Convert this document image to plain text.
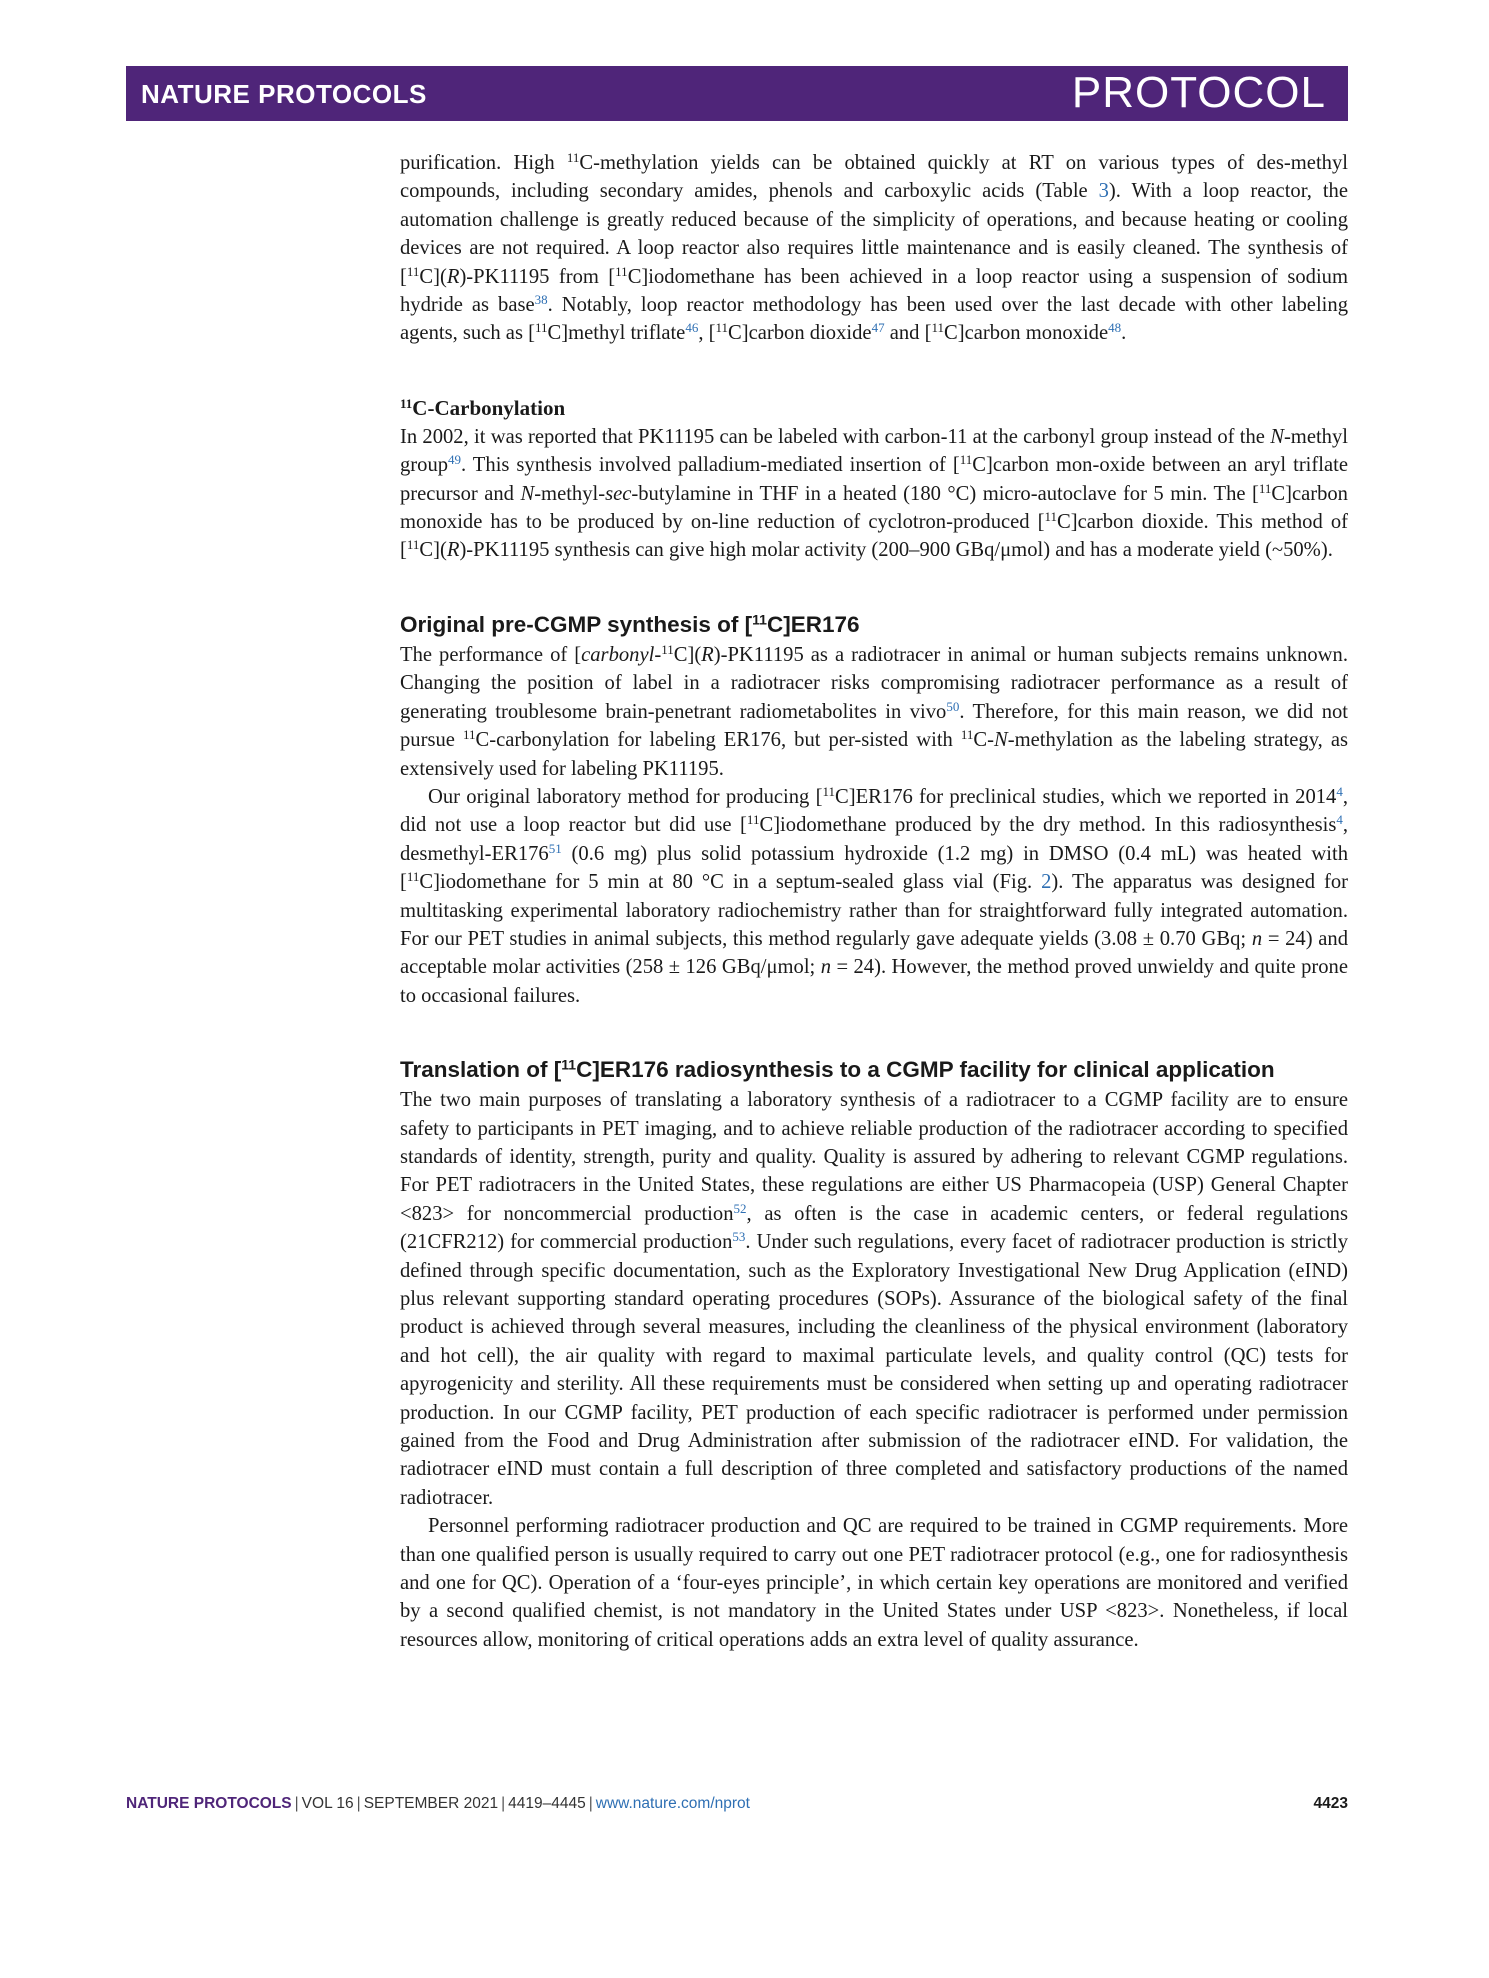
NATURE PROTOCOLS	PROTOCOL

purification. High $^{11}$C-methylation yields can be obtained quickly at RT on various types of des-methyl compounds, including secondary amides, phenols and carboxylic acids (Table 3). With a loop reactor, the automation challenge is greatly reduced because of the simplicity of operations, and because heating or cooling devices are not required. A loop reactor also requires little maintenance and is easily cleaned. The synthesis of [$^{11}$C](R)-PK11195 from [$^{11}$C]iodomethane has been achieved in a loop reactor using a suspension of sodium hydride as base$^{38}$. Notably, loop reactor methodology has been used over the last decade with other labeling agents, such as [$^{11}$C]methyl triflate$^{46}$, [$^{11}$C]carbon dioxide$^{47}$ and [$^{11}$C]carbon monoxide$^{48}$.

$^{11}$C-Carbonylation

In 2002, it was reported that PK11195 can be labeled with carbon-11 at the carbonyl group instead of the N-methyl group$^{49}$. This synthesis involved palladium-mediated insertion of [$^{11}$C]carbon mon-oxide between an aryl triflate precursor and N-methyl-sec-butylamine in THF in a heated (180 °C) micro-autoclave for 5 min. The [$^{11}$C]carbon monoxide has to be produced by on-line reduction of cyclotron-produced [$^{11}$C]carbon dioxide. This method of [$^{11}$C](R)-PK11195 synthesis can give high molar activity (200–900 GBq/μmol) and has a moderate yield (~50%).

Original pre-CGMP synthesis of [$^{11}$C]ER176

The performance of [carbonyl-$^{11}$C](R)-PK11195 as a radiotracer in animal or human subjects remains unknown. Changing the position of label in a radiotracer risks compromising radiotracer performance as a result of generating troublesome brain-penetrant radiometabolites in vivo$^{50}$. Therefore, for this main reason, we did not pursue $^{11}$C-carbonylation for labeling ER176, but per-sisted with $^{11}$C-N-methylation as the labeling strategy, as extensively used for labeling PK11195.

Our original laboratory method for producing [$^{11}$C]ER176 for preclinical studies, which we reported in 2014$^4$, did not use a loop reactor but did use [$^{11}$C]iodomethane produced by the dry method. In this radiosynthesis$^4$, desmethyl-ER176$^{51}$ (0.6 mg) plus solid potassium hydroxide (1.2 mg) in DMSO (0.4 mL) was heated with [$^{11}$C]iodomethane for 5 min at 80 °C in a septum-sealed glass vial (Fig. 2). The apparatus was designed for multitasking experimental laboratory radiochemistry rather than for straightforward fully integrated automation. For our PET studies in animal subjects, this method regularly gave adequate yields (3.08 ± 0.70 GBq; n = 24) and acceptable molar activities (258 ± 126 GBq/μmol; n = 24). However, the method proved unwieldy and quite prone to occasional failures.

Translation of [$^{11}$C]ER176 radiosynthesis to a CGMP facility for clinical application

The two main purposes of translating a laboratory synthesis of a radiotracer to a CGMP facility are to ensure safety to participants in PET imaging, and to achieve reliable production of the radiotracer according to specified standards of identity, strength, purity and quality. Quality is assured by adhering to relevant CGMP regulations. For PET radiotracers in the United States, these regulations are either US Pharmacopeia (USP) General Chapter <823> for noncommercial production$^{52}$, as often is the case in academic centers, or federal regulations (21CFR212) for commercial production$^{53}$. Under such regulations, every facet of radiotracer production is strictly defined through specific documentation, such as the Exploratory Investigational New Drug Application (eIND) plus relevant supporting standard operating procedures (SOPs). Assurance of the biological safety of the final product is achieved through several measures, including the cleanliness of the physical environment (laboratory and hot cell), the air quality with regard to maximal particulate levels, and quality control (QC) tests for apyrogenicity and sterility. All these requirements must be considered when setting up and operating radiotracer production. In our CGMP facility, PET production of each specific radiotracer is performed under permission gained from the Food and Drug Administration after submission of the radiotracer eIND. For validation, the radiotracer eIND must contain a full description of three completed and satisfactory productions of the named radiotracer.

Personnel performing radiotracer production and QC are required to be trained in CGMP requirements. More than one qualified person is usually required to carry out one PET radiotracer protocol (e.g., one for radiosynthesis and one for QC). Operation of a ‘four-eyes principle’, in which certain key operations are monitored and verified by a second qualified chemist, is not mandatory in the United States under USP <823>. Nonetheless, if local resources allow, monitoring of critical operations adds an extra level of quality assurance.

NATURE PROTOCOLS | VOL 16 | SEPTEMBER 2021 | 4419–4445 | www.nature.com/nprot	4423
